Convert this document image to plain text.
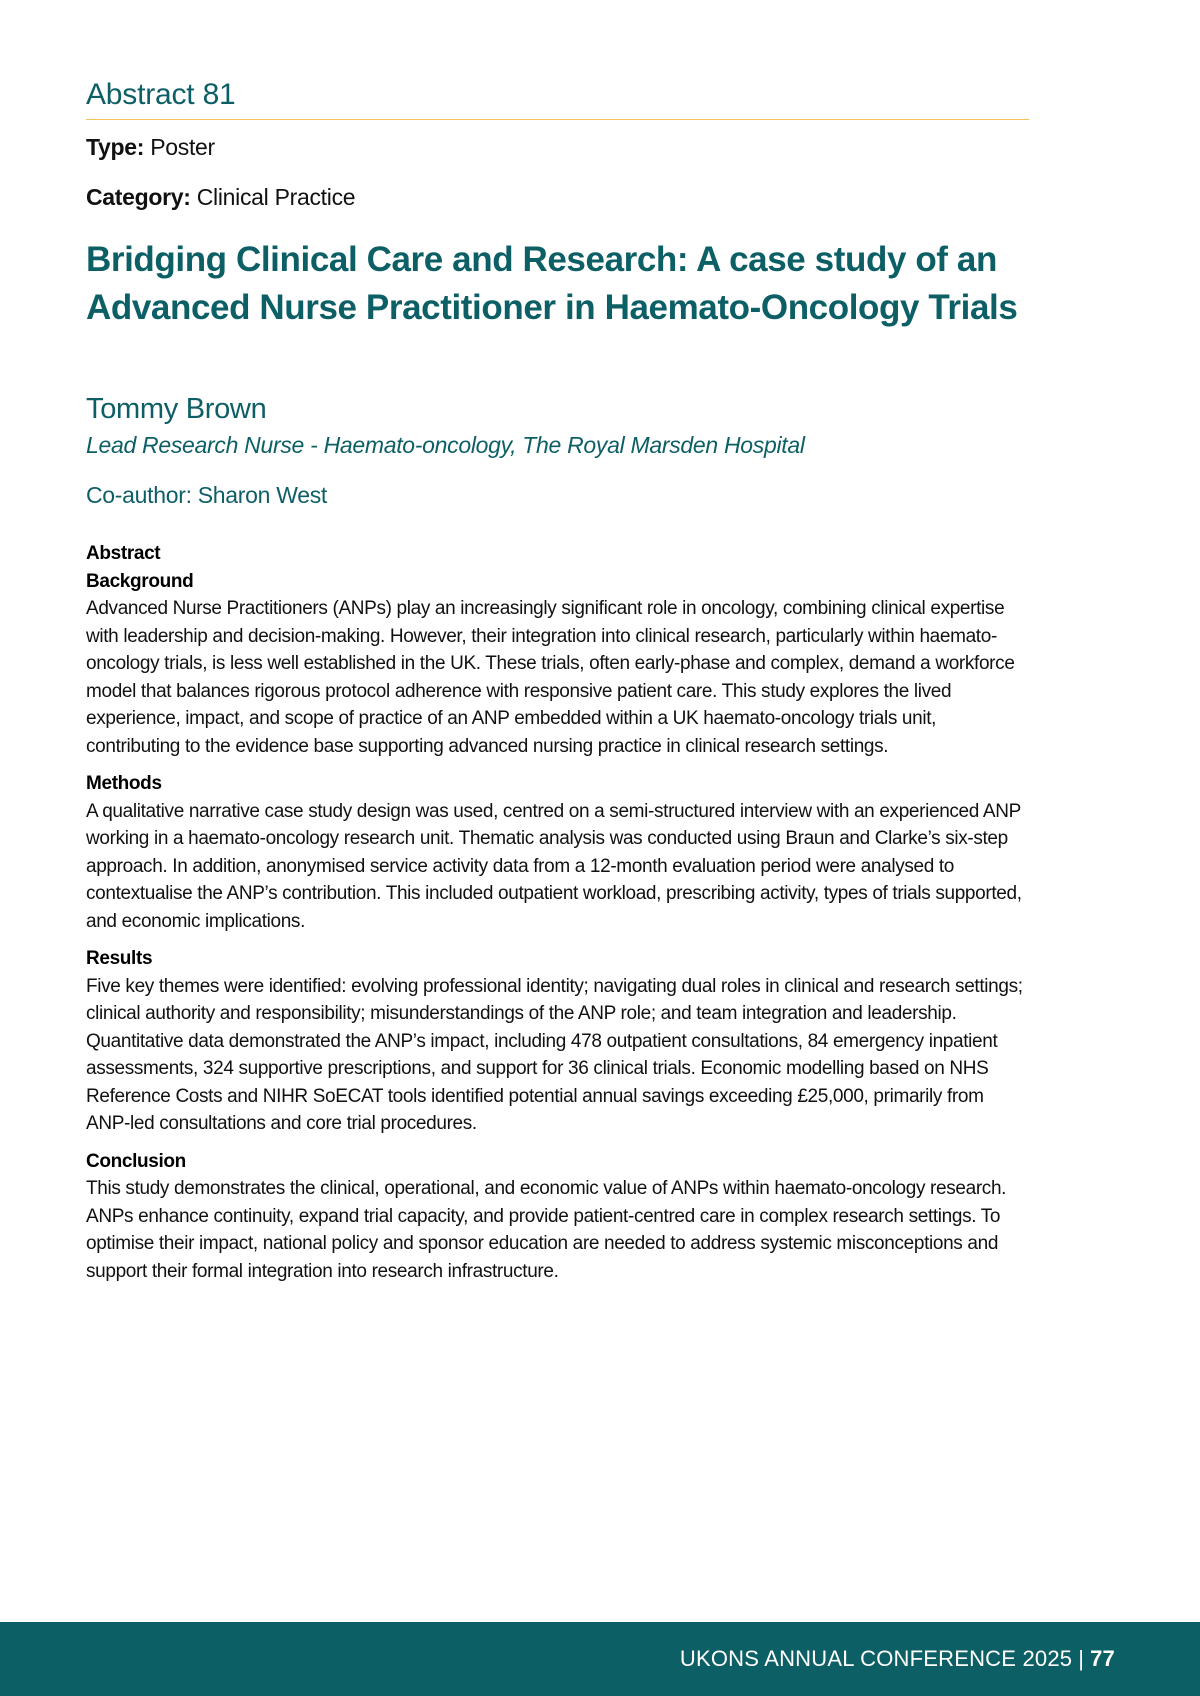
Abstract 81
Type: Poster
Category: Clinical Practice
Bridging Clinical Care and Research: A case study of an Advanced Nurse Practitioner in Haemato-Oncology Trials
Tommy Brown
Lead Research Nurse - Haemato-oncology, The Royal Marsden Hospital
Co-author: Sharon West
Abstract
Background

Advanced Nurse Practitioners (ANPs) play an increasingly significant role in oncology, combining clinical expertise with leadership and decision-making. However, their integration into clinical research, particularly within haemato-oncology trials, is less well established in the UK. These trials, often early-phase and complex, demand a workforce model that balances rigorous protocol adherence with responsive patient care. This study explores the lived experience, impact, and scope of practice of an ANP embedded within a UK haemato-oncology trials unit, contributing to the evidence base supporting advanced nursing practice in clinical research settings.

Methods

A qualitative narrative case study design was used, centred on a semi-structured interview with an experienced ANP working in a haemato-oncology research unit. Thematic analysis was conducted using Braun and Clarke’s six-step approach. In addition, anonymised service activity data from a 12-month evaluation period were analysed to contextualise the ANP’s contribution. This included outpatient workload, prescribing activity, types of trials supported, and economic implications.

Results

Five key themes were identified: evolving professional identity; navigating dual roles in clinical and research settings; clinical authority and responsibility; misunderstandings of the ANP role; and team integration and leadership. Quantitative data demonstrated the ANP’s impact, including 478 outpatient consultations, 84 emergency inpatient assessments, 324 supportive prescriptions, and support for 36 clinical trials. Economic modelling based on NHS Reference Costs and NIHR SoECAT tools identified potential annual savings exceeding £25,000, primarily from ANP-led consultations and core trial procedures.

Conclusion

This study demonstrates the clinical, operational, and economic value of ANPs within haemato-oncology research. ANPs enhance continuity, expand trial capacity, and provide patient-centred care in complex research settings. To optimise their impact, national policy and sponsor education are needed to address systemic misconceptions and support their formal integration into research infrastructure.

UKONS ANNUAL CONFERENCE 2025 | 77
